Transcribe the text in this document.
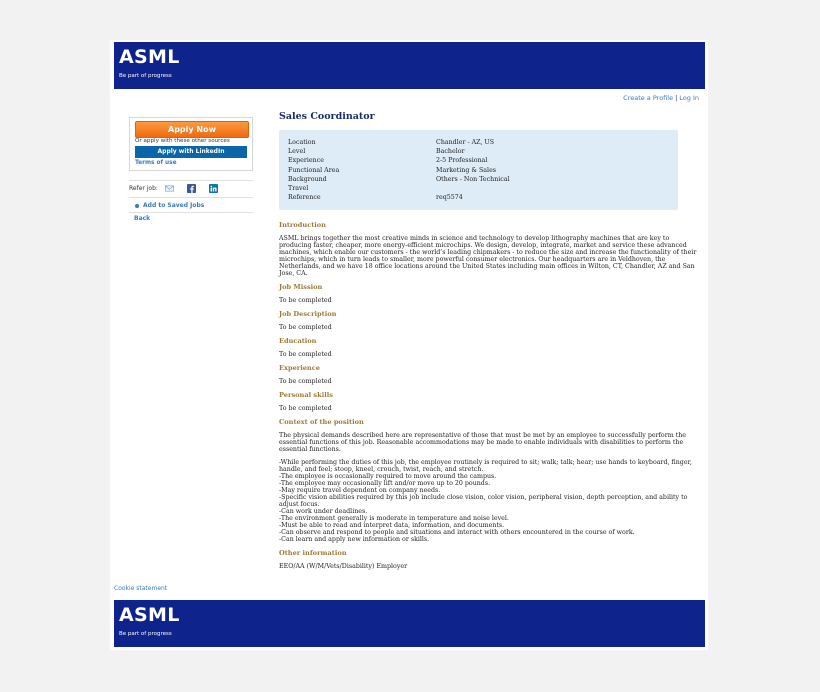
ASML
Be part of progress
Create a Profile | Log In
Apply Now
Or apply with these other sources
Apply with LinkedIn
Terms of use
Refer job:
Add to Saved Jobs
Back
Sales Coordinator
Location	Chandler - AZ, US
Level	Bachelor
Experience	2-5 Professional
Functional Area	Marketing & Sales
Background	Others - Non Technical
Travel	
Reference	req5574
Introduction

ASML brings together the most creative minds in science and technology to develop lithography machines that are key to producing faster, cheaper, more energy-efficient microchips. We design, develop, integrate, market and service these advanced machines, which enable our customers - the world’s leading chipmakers - to reduce the size and increase the functionality of their microchips, which in turn leads to smaller, more powerful consumer electronics. Our headquarters are in Veldhoven, the Netherlands, and we have 18 office locations around the United States including main offices in Wilton, CT, Chandler, AZ and San Jose, CA.

Job Mission

To be completed

Job Description

To be completed

Education

To be completed

Experience

To be completed

Personal skills

To be completed

Context of the position

The physical demands described here are representative of those that must be met by an employee to successfully perform the essential functions of this job. Reasonable accommodations may be made to enable individuals with disabilities to perform the essential functions.

-While performing the duties of this job, the employee routinely is required to sit; walk; talk; hear; use hands to keyboard, finger, handle, and feel; stoop, kneel, crouch, twist, reach, and stretch.
-The employee is occasionally required to move around the campus.
-The employee may occasionally lift and/or move up to 20 pounds.
-May require travel dependent on company needs.
-Specific vision abilities required by this job include close vision, color vision, peripheral vision, depth perception, and ability to adjust focus.
-Can work under deadlines.
-The environment generally is moderate in temperature and noise level.
-Must be able to read and interpret data, information, and documents.
-Can observe and respond to people and situations and interact with others encountered in the course of work.
-Can learn and apply new information or skills.

Other information

EEO/AA (W/M/Vets/Disability) Employer

Cookie statement
ASML
Be part of progress
